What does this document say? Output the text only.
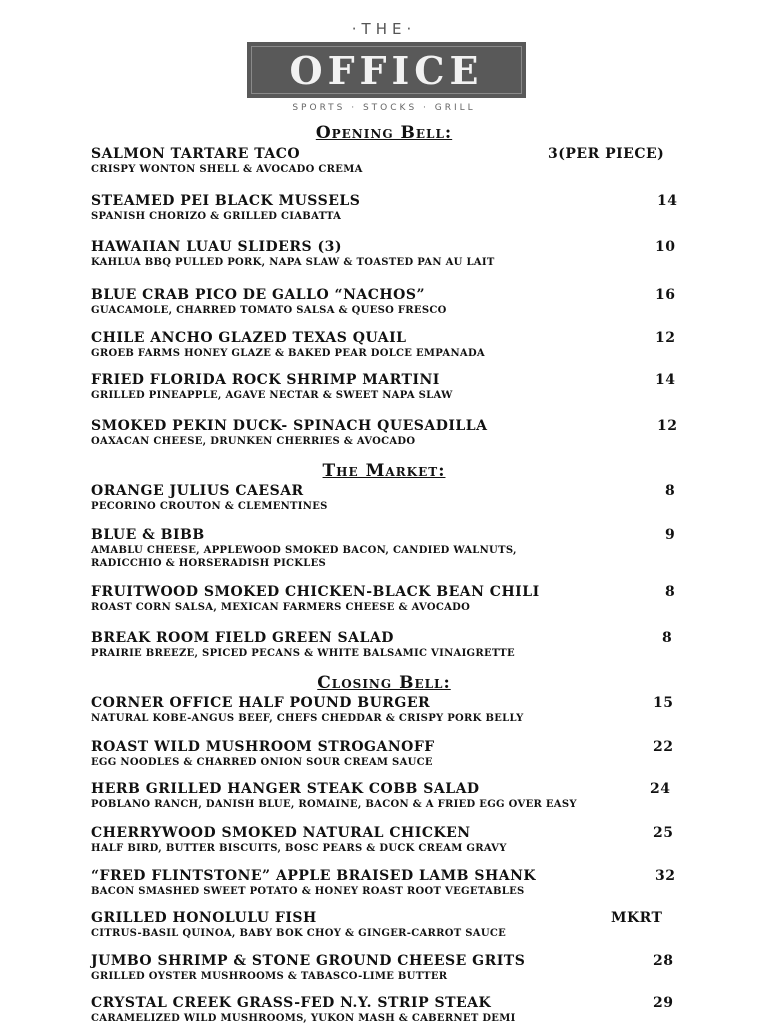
·THE·
OFFICE
SPORTS · STOCKS · GRILL
Opening Bell:
SALMON TARTARE TACO	3(PER PIECE)
CRISPY WONTON SHELL & AVOCADO CREMA
STEAMED PEI BLACK MUSSELS	14
SPANISH CHORIZO & GRILLED CIABATTA
HAWAIIAN LUAU SLIDERS (3)	10
KAHLUA BBQ PULLED PORK, NAPA SLAW & TOASTED PAN AU LAIT
BLUE CRAB PICO DE GALLO “NACHOS”	16
GUACAMOLE, CHARRED TOMATO SALSA & QUESO FRESCO
CHILE ANCHO GLAZED TEXAS QUAIL	12
GROEB FARMS HONEY GLAZE & BAKED PEAR DOLCE EMPANADA
FRIED FLORIDA ROCK SHRIMP MARTINI	14
GRILLED PINEAPPLE, AGAVE NECTAR & SWEET NAPA SLAW
SMOKED PEKIN DUCK- SPINACH QUESADILLA	12
OAXACAN CHEESE, DRUNKEN CHERRIES & AVOCADO
The Market:
ORANGE JULIUS CAESAR	8
PECORINO CROUTON & CLEMENTINES
BLUE & BIBB	9
AMABLU CHEESE, APPLEWOOD SMOKED BACON, CANDIED WALNUTS,
RADICCHIO & HORSERADISH PICKLES
FRUITWOOD SMOKED CHICKEN-BLACK BEAN CHILI	8
ROAST CORN SALSA, MEXICAN FARMERS CHEESE & AVOCADO
BREAK ROOM FIELD GREEN SALAD	8
PRAIRIE BREEZE, SPICED PECANS & WHITE BALSAMIC VINAIGRETTE
Closing Bell:
CORNER OFFICE HALF POUND BURGER	15
NATURAL KOBE-ANGUS BEEF, CHEFS CHEDDAR & CRISPY PORK BELLY
ROAST WILD MUSHROOM STROGANOFF	22
EGG NOODLES & CHARRED ONION SOUR CREAM SAUCE
HERB GRILLED HANGER STEAK COBB SALAD	24
POBLANO RANCH, DANISH BLUE, ROMAINE, BACON & A FRIED EGG OVER EASY
CHERRYWOOD SMOKED NATURAL CHICKEN	25
HALF BIRD, BUTTER BISCUITS, BOSC PEARS & DUCK CREAM GRAVY
“FRED FLINTSTONE” APPLE BRAISED LAMB SHANK	32
BACON SMASHED SWEET POTATO & HONEY ROAST ROOT VEGETABLES
GRILLED HONOLULU FISH	MKRT
CITRUS-BASIL QUINOA, BABY BOK CHOY & GINGER-CARROT SAUCE
JUMBO SHRIMP & STONE GROUND CHEESE GRITS	28
GRILLED OYSTER MUSHROOMS & TABASCO-LIME BUTTER
CRYSTAL CREEK GRASS-FED N.Y. STRIP STEAK	29
CARAMELIZED WILD MUSHROOMS, YUKON MASH & CABERNET DEMI
